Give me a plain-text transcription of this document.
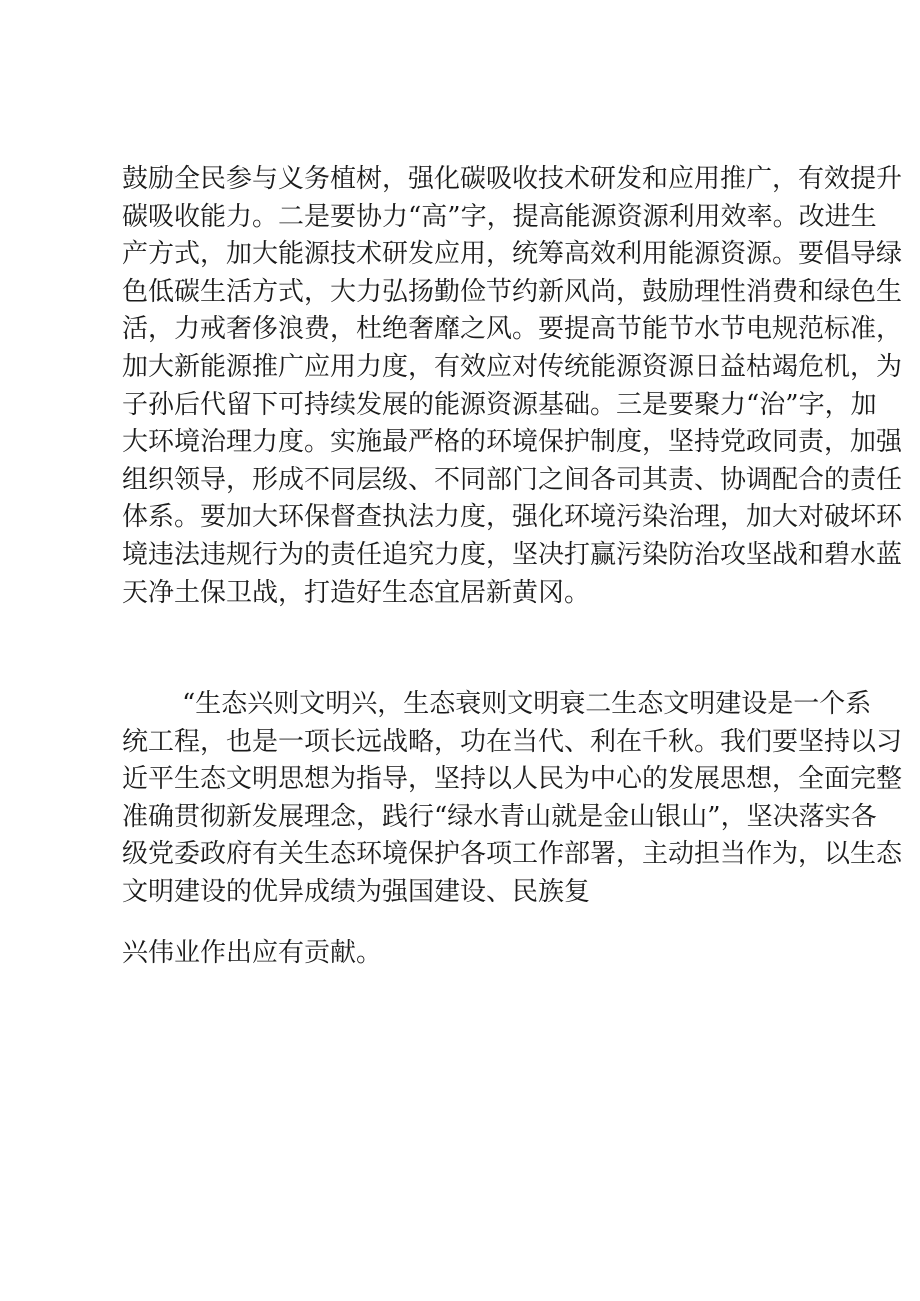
鼓励全民参与义务植树，强化碳吸收技术研发和应用推广，有效提升
碳吸收能力。二是要协力“高”字，提高能源资源利用效率。改进生
产方式，加大能源技术研发应用，统筹高效利用能源资源。要倡导绿
色低碳生活方式，大力弘扬勤俭节约新风尚，鼓励理性消费和绿色生
活，力戒奢侈浪费，杜绝奢靡之风。要提高节能节水节电规范标准，
加大新能源推广应用力度，有效应对传统能源资源日益枯竭危机，为
子孙后代留下可持续发展的能源资源基础。三是要聚力“治”字，加
大环境治理力度。实施最严格的环境保护制度，坚持党政同责，加强
组织领导，形成不同层级、不同部门之间各司其责、协调配合的责任
体系。要加大环保督查执法力度，强化环境污染治理，加大对破坏环
境违法违规行为的责任追究力度，坚决打赢污染防治攻坚战和碧水蓝
天净土保卫战，打造好生态宜居新黄冈。
“生态兴则文明兴，生态衰则文明衰二生态文明建设是一个系
统工程，也是一项长远战略，功在当代、利在千秋。我们要坚持以习
近平生态文明思想为指导，坚持以人民为中心的发展思想，全面完整
准确贯彻新发展理念，践行“绿水青山就是金山银山”，坚决落实各
级党委政府有关生态环境保护各项工作部署，主动担当作为，以生态
文明建设的优异成绩为强国建设、民族复
兴伟业作出应有贡献。
